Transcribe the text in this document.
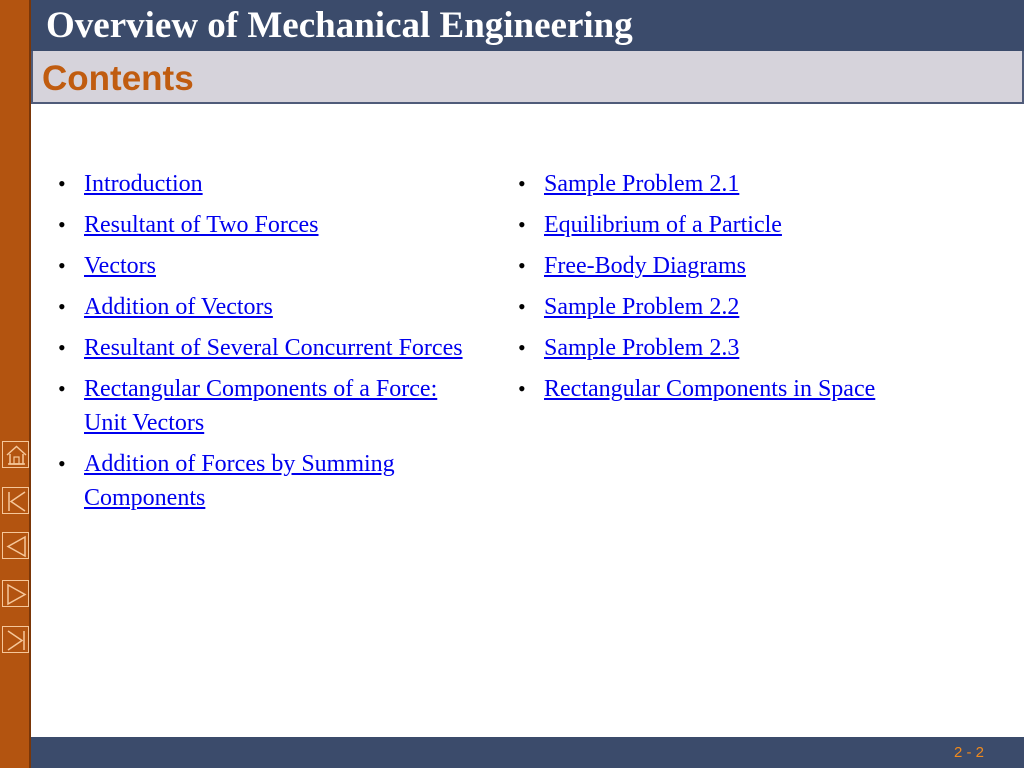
Overview of Mechanical Engineering
Contents
• Introduction
• Resultant of Two Forces
• Vectors
• Addition of Vectors
• Resultant of Several Concurrent Forces
• Rectangular Components of a Force: Unit Vectors
• Addition of Forces by Summing Components
• Sample Problem 2.1
• Equilibrium of a Particle
• Free-Body Diagrams
• Sample Problem 2.2
• Sample Problem 2.3
• Rectangular Components in Space

2 - 2
